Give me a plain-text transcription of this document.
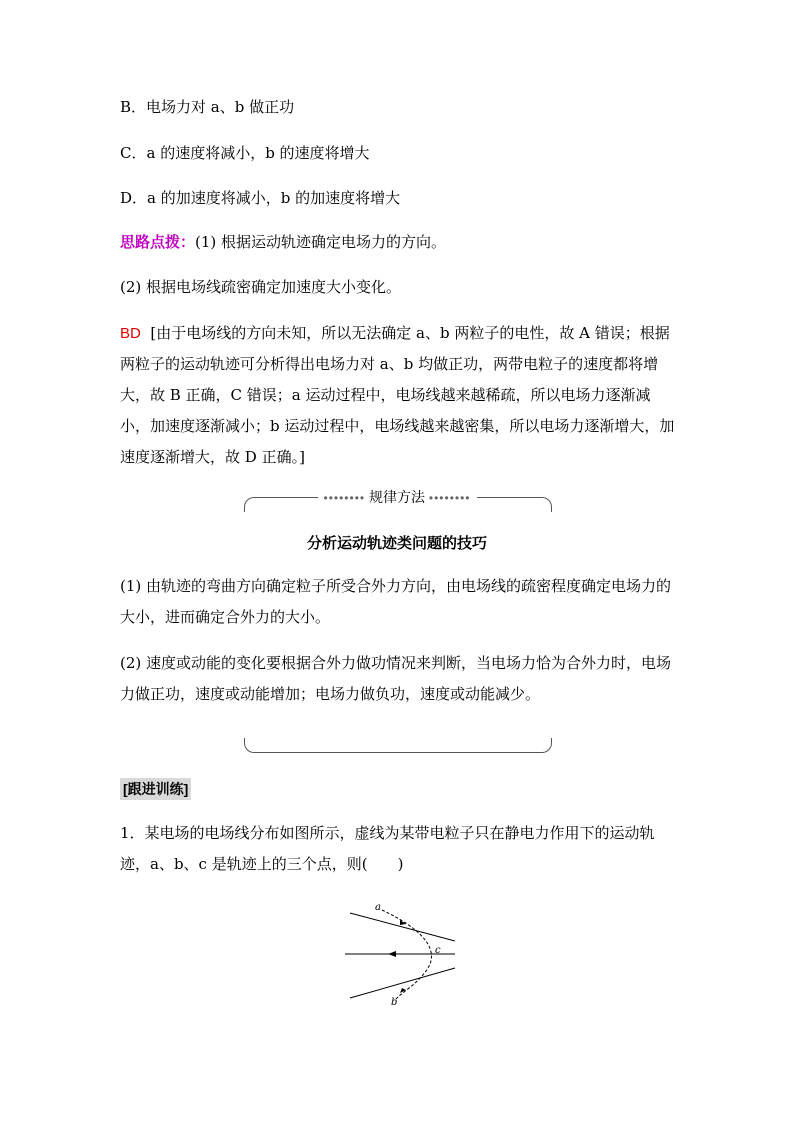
B．电场力对 a、b 做正功
C．a 的速度将减小，b 的速度将增大
D．a 的加速度将减小，b 的加速度将增大
思路点拨：(1) 根据运动轨迹确定电场力的方向。
(2) 根据电场线疏密确定加速度大小变化。
BD [由于电场线的方向未知，所以无法确定 a、b 两粒子的电性，故 A 错误；根据两粒子的运动轨迹可分析得出电场力对 a、b 均做正功，两带电粒子的速度都将增大，故 B 正确，C 错误；a 运动过程中，电场线越来越稀疏，所以电场力逐渐减小，加速度逐渐减小；b 运动过程中，电场线越来越密集，所以电场力逐渐增大，加速度逐渐增大，故 D 正确。]
•••••••• 规律方法 ••••••••
分析运动轨迹类问题的技巧
(1) 由轨迹的弯曲方向确定粒子所受合外力方向，由电场线的疏密程度确定电场力的大小，进而确定合外力的大小。
(2) 速度或动能的变化要根据合外力做功情况来判断，当电场力恰为合外力时，电场力做正功，速度或动能增加；电场力做负功，速度或动能减少。
[跟进训练]
1．某电场的电场线分布如图所示，虚线为某带电粒子只在静电力作用下的运动轨迹，a、b、c 是轨迹上的三个点，则(　　)
a
c
b
